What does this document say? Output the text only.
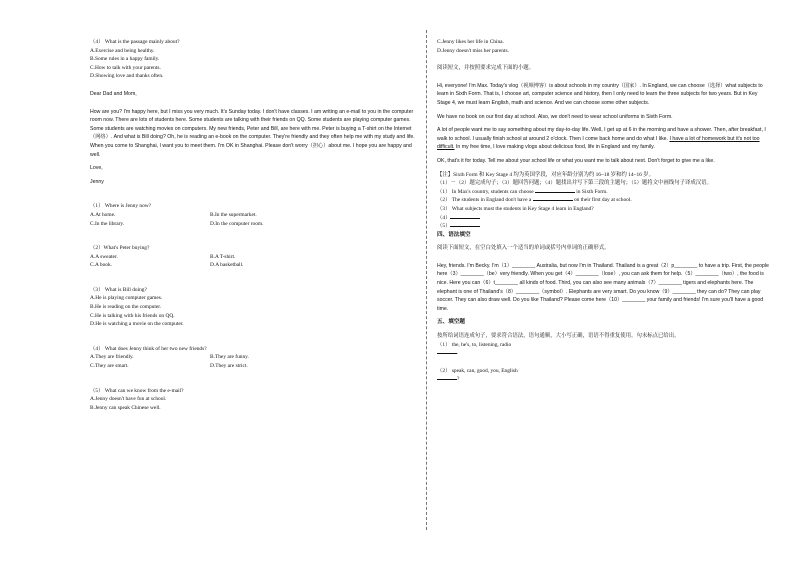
（4） What is the passage mainly about?

A.Exercise and being healthy.

B.Some rules in a happy family.

C.How to talk with your parents.

D.Showing love and thanks often.

Dear Dad and Mom,

How are you? I'm happy here, but I miss you very much. It's Sunday today. I don't have classes. I am writing an e-mail to you in the computer room now. There are lots of students here. Some students are talking with their friends on QQ. Some students are playing computer games. Some students are watching movies on computers. My new friends, Peter and Bill, are here with me. Peter is buying a T-shirt on the Internet（网络）. And what is Bill doing? Oh, he is reading an e-book on the computer. They're friendly and they often help me with my study and life. When you come to Shanghai, I want you to meet them. I'm OK in Shanghai. Please don't worry（担心）about me. I hope you are happy and well.

Love,

Jenny

（1） Where is Jenny now?

A.At home.	B.In the supermarket.
C.In the library.	D.In the computer room.

（2）What's Peter buying?

A.A sweater.	B.A T-shirt.
C.A book.	D.A basketball.

（3） What is Bill doing?

A.He is playing computer games.

B.He is reading on the computer.

C.He is talking with his friends on QQ.

D.He is watching a movie on the computer.

（4） What does Jenny think of her two new friends?

A.They are friendly.	B.They are funny.
C.They are smart.	D.They are strict.

（5） What can we know from the e-mail?

A.Jenny doesn't have fun at school.

B.Jenny can speak Chinese well.

C.Jenny likes her life in China.

D.Jenny doesn't miss her parents.

阅读短文，并按照要求完成下面的小题。

Hi, everyone! I'm Max. Today's vlog（视频博客）is about schools in my country（国家）. In England, we can choose（选择）what subjects to learn in Sixth Form. That is, I choose art, computer science and history, then I only need to learn the three subjects for two years. But in Key Stage 4, we must learn English, math and science. And we can choose some other subjects.

We have no book on our first day at school. Also, we don't need to wear school uniforms in Sixth Form.

A lot of people want me to say something about my day-to-day life. Well, I get up at 6 in the morning and have a shower. Then, after breakfast, I walk to school. I usually finish school at around 2 o'clock. Then I come back home and do what I like. I have a lot of homework but it's not too difficult. In my free time, I love making vlogs about delicious food, life in England and my family.

OK, that's it for today. Tell me about your school life or what you want me to talk about next. Don't forget to give me a like.

【注】Sixth Form 和 Key Stage 4 均为英国学段，对应年龄分别为约 16~18 岁和约 14~16 岁。

（1）－（2）题完成句子；（3）题回答问题；（4）题找出并写下第三段的主题句；（5）题将文中画线句子译成汉语。

（1） In Max's country, students can choose	in Sixth Form.

（2） The students in England don't have a	on their first day at school.

（3） What subjects must the students in Key Stage 4 learn in England?

（4）

（5）

四、语法填空

阅读下面短文，在空白处填入一个适当的单词或括号内单词的正确形式。

Hey, friends. I'm Becky. I'm（1）________ Australia, but now I'm in Thailand. Thailand is a great（2）p________ to have a trip. First, the people here（3）________（be）very friendly. When you get（4）________（lose）, you can ask them for help.（5）________（two）, the food is nice. Here you can（6）t________ all kinds of food. Third, you can also see many animals（7）________ tigers and elephants here. The elephant is one of Thailand's（8）________（symbol）. Elephants are very smart. Do you know（9）________ they can do? They can play soccer. They can also draw well. Do you like Thailand? Please come here（10）________ your family and friends! I'm sure you'll have a good time.

五、填空题

按所给词语连成句子，要求符合语法，语句通顺，大小写正确，语语不得重复使用。句末标点已给出。

（1） the, he's, to, listening, radio

.

（2） speak, can, good, you, English

?
